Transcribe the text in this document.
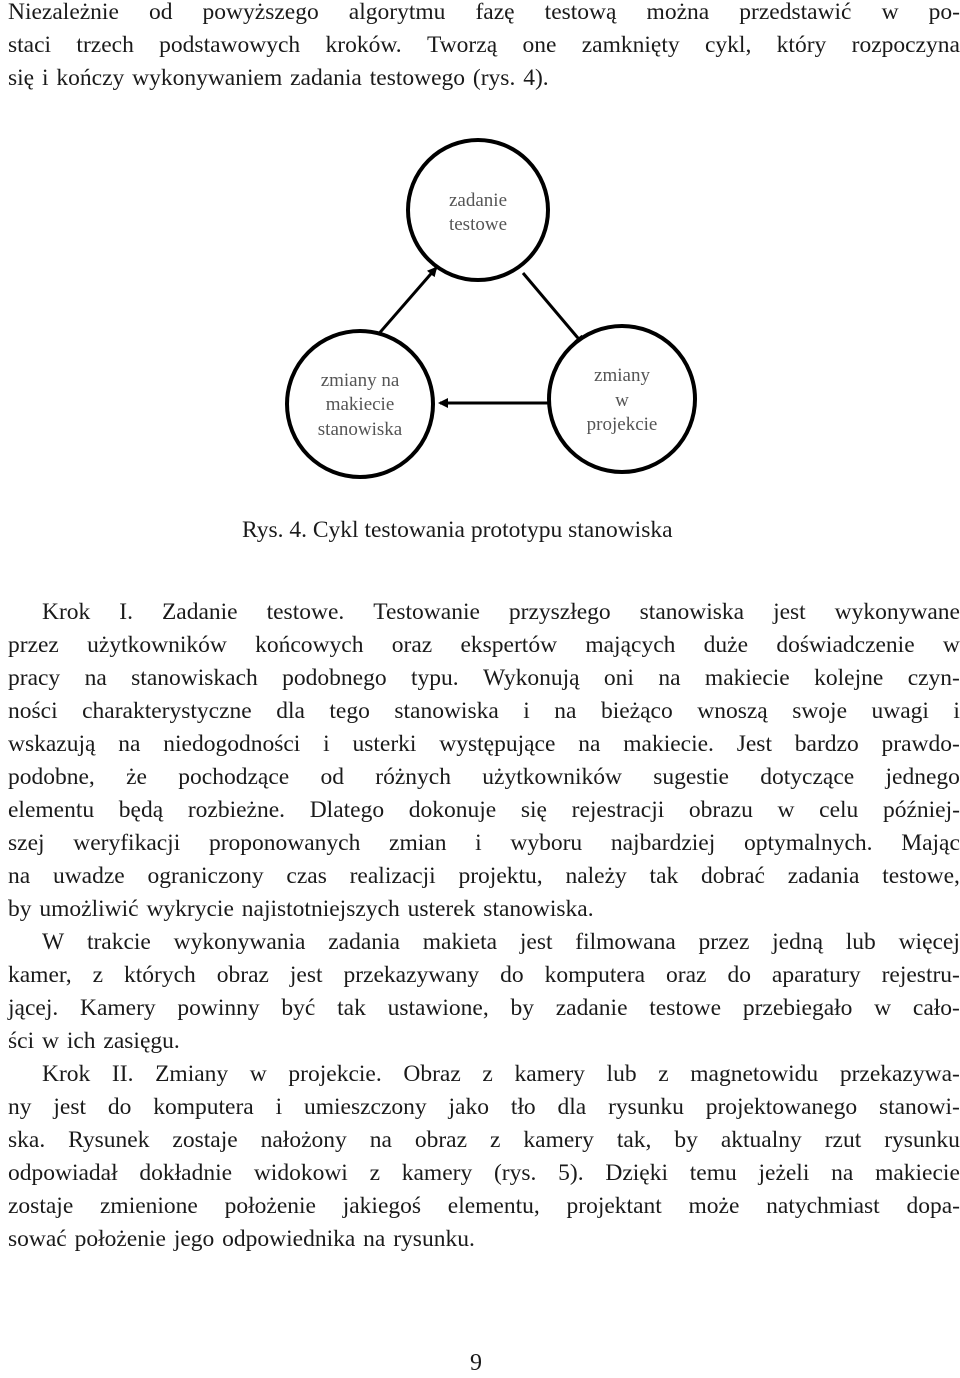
Niezależnie od powyższego algorytmu fazę testową można przedstawić w po-
staci trzech podstawowych kroków. Tworzą one zamknięty cykl, który rozpoczyna
się i kończy wykonywaniem zadania testowego (rys. 4).
zadanie
testowe
zmiany na
makiecie
stanowiska
zmiany
w
projekcie
Rys. 4. Cykl testowania prototypu stanowiska
Krok I. Zadanie testowe. Testowanie przyszłego stanowiska jest wykonywane
przez użytkowników końcowych oraz ekspertów mających duże doświadczenie w
pracy na stanowiskach podobnego typu. Wykonują oni na makiecie kolejne czyn-
ności charakterystyczne dla tego stanowiska i na bieżąco wnoszą swoje uwagi i
wskazują na niedogodności i usterki występujące na makiecie. Jest bardzo prawdo-
podobne, że pochodzące od różnych użytkowników sugestie dotyczące jednego
elementu będą rozbieżne. Dlatego dokonuje się rejestracji obrazu w celu później-
szej weryfikacji proponowanych zmian i wyboru najbardziej optymalnych. Mając
na uwadze ograniczony czas realizacji projektu, należy tak dobrać zadania testowe,
by umożliwić wykrycie najistotniejszych usterek stanowiska.
W trakcie wykonywania zadania makieta jest filmowana przez jedną lub więcej
kamer, z których obraz jest przekazywany do komputera oraz do aparatury rejestru-
jącej. Kamery powinny być tak ustawione, by zadanie testowe przebiegało w cało-
ści w ich zasięgu.
Krok II. Zmiany w projekcie. Obraz z kamery lub z magnetowidu przekazywa-
ny jest do komputera i umieszczony jako tło dla rysunku projektowanego stanowi-
ska. Rysunek zostaje nałożony na obraz z kamery tak, by aktualny rzut rysunku
odpowiadał dokładnie widokowi z kamery (rys. 5). Dzięki temu jeżeli na makiecie
zostaje zmienione położenie jakiegoś elementu, projektant może natychmiast dopa-
sować położenie jego odpowiednika na rysunku.
9
